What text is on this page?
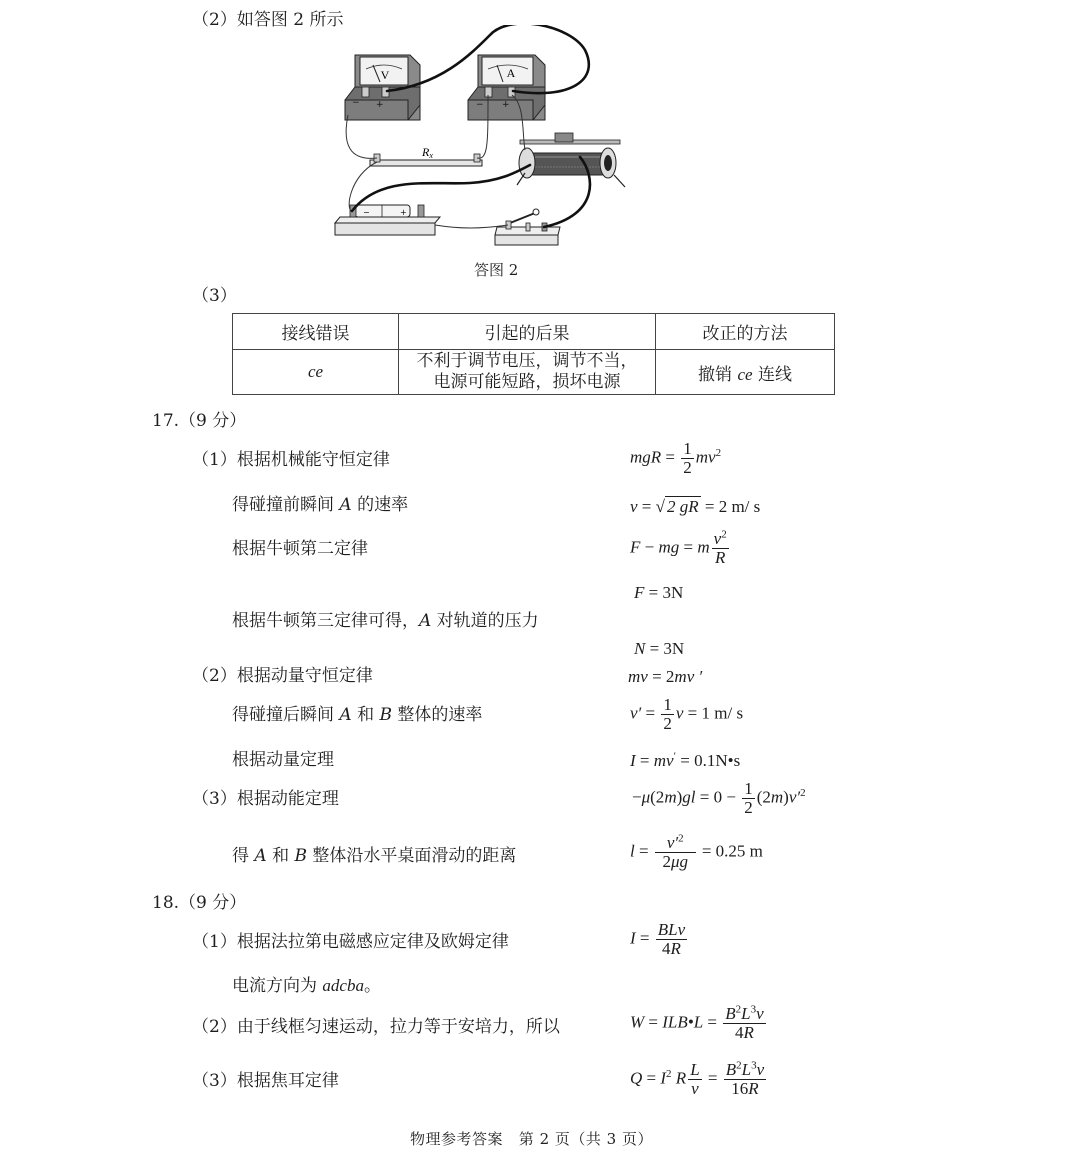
（2）如答图 2 所示
V
− +
A
− +
Rx
−	+
答图 2
（3）
接线错误	引起的后果	改正的方法
ce	不利于调节电压，调节不当，
电源可能短路，损坏电源	撤销 ce 连线
17.（9 分）
（1）根据机械能守恒定律	mgR = $\frac{1}{2} mv^2$
得碰撞前瞬间 A 的速率	v = √ 2 gR = 2 m/ s
根据牛顿第二定律	F − mg = m $\frac{v^2}{R}$
F = 3N
根据牛顿第三定律可得，A 对轨道的压力
N = 3N
（2）根据动量守恒定律	mv = 2mv ′
得碰撞后瞬间 A 和 B 整体的速率	$v' = \frac{1}{2}$ v = 1 m/ s
根据动量定理	I = mv′ = 0.1N•s
（3）根据动能定理	$-\mu(2m)gl = 0 - \frac{1}{2} (2m)v'^2$
得 A 和 B 整体沿水平桌面滑动的距离	$l = \frac{v'^2}{2\mu g} = 0.25$ m
18.（9 分）
（1）根据法拉第电磁感应定律及欧姆定律	$I = \frac{\text{BLv}}{4R}$
电流方向为 adcba。
（2）由于线框匀速运动，拉力等于安培力，所以	W = ILB•L = $\frac{B^2L^3v}{4R}$
（3）根据焦耳定律	$Q = I^2$ R $\frac{L}{v} = \frac{B^2L^3v}{16R}$
物理参考答案   第 2 页（共 3 页）
